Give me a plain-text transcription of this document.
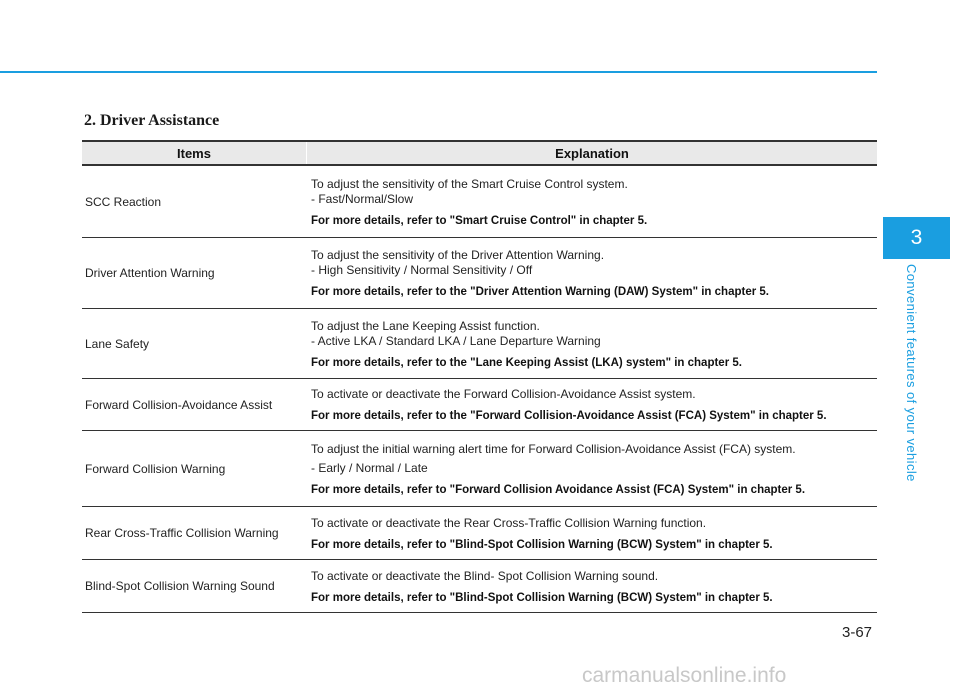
2. Driver Assistance
Items	Explanation
SCC Reaction
To adjust the sensitivity of the Smart Cruise Control system.
- Fast/Normal/Slow
For more details, refer to "Smart Cruise Control" in chapter 5.
Driver Attention Warning
To adjust the sensitivity of the Driver Attention Warning.
- High Sensitivity / Normal Sensitivity / Off
For more details, refer to the "Driver Attention Warning (DAW) System" in chapter 5.
Lane Safety
To adjust the Lane Keeping Assist function.
- Active LKA / Standard LKA / Lane Departure Warning
For more details, refer to the "Lane Keeping Assist (LKA) system" in chapter 5.
Forward Collision-Avoidance Assist
To activate or deactivate the Forward Collision-Avoidance Assist system.
For more details, refer to the "Forward Collision-Avoidance Assist (FCA) System" in chapter 5.
Forward Collision Warning
To adjust the initial warning alert time for Forward Collision-Avoidance Assist (FCA) system.
- Early / Normal / Late
For more details, refer to "Forward Collision Avoidance Assist (FCA) System" in chapter 5.
Rear Cross-Traffic Collision Warning
To activate or deactivate the Rear Cross-Traffic Collision Warning function.
For more details, refer to "Blind-Spot Collision Warning (BCW) System" in chapter 5.
Blind-Spot Collision Warning Sound
To activate or deactivate the Blind- Spot Collision Warning sound.
For more details, refer to "Blind-Spot Collision Warning (BCW) System" in chapter 5.
3
Convenient features of your vehicle
3-67
carmanualsonline.info
